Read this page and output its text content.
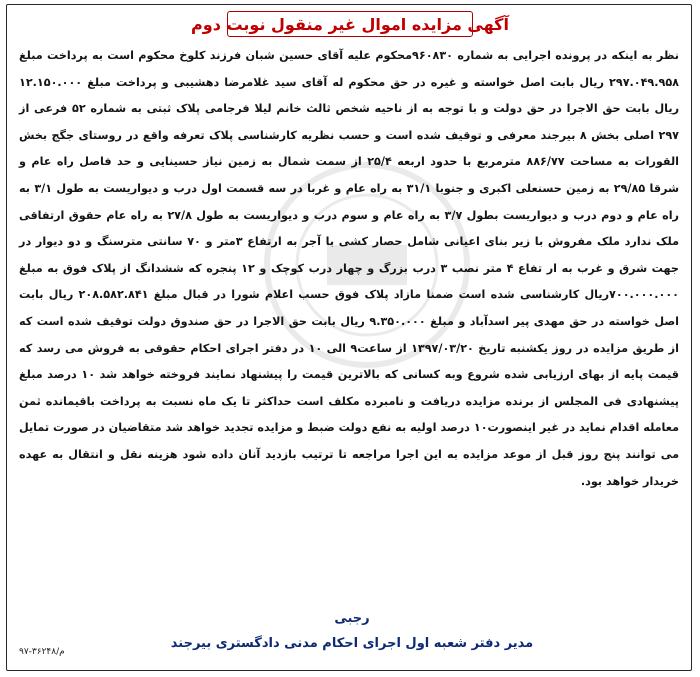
آگهی مزایده اموال غیر منقول نوبت دوم
نظر به اینکه در پرونده اجرایی به شماره ۹۶۰۸۳۰محکوم علیه آقای حسین شبان فرزند کلوخ محکوم است به پرداخت مبلغ ۲۹۷.۰۴۹.۹۵۸ ریال بابت اصل خواسته و غیره در حق محکوم له آقای سید غلامرضا دهشیبی و پرداخت مبلغ ۱۲.۱۵۰.۰۰۰ ریال بابت حق الاجرا در حق دولت و با توجه به از ناحیه شخص ثالث خانم لیلا فرجامی پلاک ثبتی به شماره ۵۲ فرعی از ۲۹۷ اصلی بخش ۸ بیرجند معرفی و توقیف شده است و حسب نظریه کارشناسی پلاک تعرفه واقع در روستای جگج بخش القورات به مساحت ۸۸۶/۷۷ مترمربع با حدود اربعه ۲۵/۴ از سمت شمال به زمین نیاز حسینایی و حد فاصل راه عام و شرقا ۲۹/۸۵ به زمین حسنعلی اکبری و جنوبا ۳۱/۱ به راه عام و غربا در سه قسمت اول درب و دیواریست به طول ۳/۱ به راه عام و دوم درب و دیواریست بطول ۳/۷ به راه عام و سوم درب و دیواریست به طول ۲۷/۸ به راه عام حقوق ارتفاقی ملک ندارد ملک مفروش با زیر بنای اعیانی شامل حصار کشی با آجر به ارتفاع ۳متر و ۷۰ سانتی مترسنگ و دو دیوار در جهت شرق و غرب به ار تفاع ۴ متر نصب ۳ درب بزرگ و چهار درب کوچک و ۱۲ پنجره که ششدانگ از پلاک فوق به مبلغ ۷۰۰.۰۰۰.۰۰۰ریال کارشناسی شده است ضمنا مازاد پلاک فوق حسب اعلام شورا در قبال مبلغ ۲۰۸.۵۸۲.۸۴۱ ریال بابت اصل خواسته در حق مهدی پیر اسدآباد و مبلغ ۹.۳۵۰.۰۰۰ ریال بابت حق الاجرا در حق صندوق دولت توقیف شده است که از طریق مزایده در روز یکشنبه تاریخ ۱۳۹۷/۰۳/۲۰ از ساعت۹ الی ۱۰ در دفتر اجرای احکام حقوقی به فروش می رسد که قیمت پایه از بهای ارزیابی شده شروع وبه کسانی که بالاترین قیمت را پیشنهاد نمایند فروخته خواهد شد ۱۰ درصد مبلغ پیشنهادی فی المجلس از برنده مزایده دریافت و نامبرده مکلف است حداکثر تا یک ماه نسبت به پرداخت باقیمانده ثمن معامله اقدام نماید در غیر اینصورت۱۰ درصد اولیه به نفع دولت ضبط و مزایده تجدید خواهد شد متقاضیان در صورت تمایل می توانند پنج روز قبل از موعد مزایده به این اجرا مراجعه تا ترتیب بازدید آنان داده شود هزینه نقل و انتقال به عهده خریدار خواهد بود.
رجبی
مدیر دفتر شعبه اول اجرای احکام مدنی دادگستری بیرجند
م/۳۶۲۴۸-۹۷
